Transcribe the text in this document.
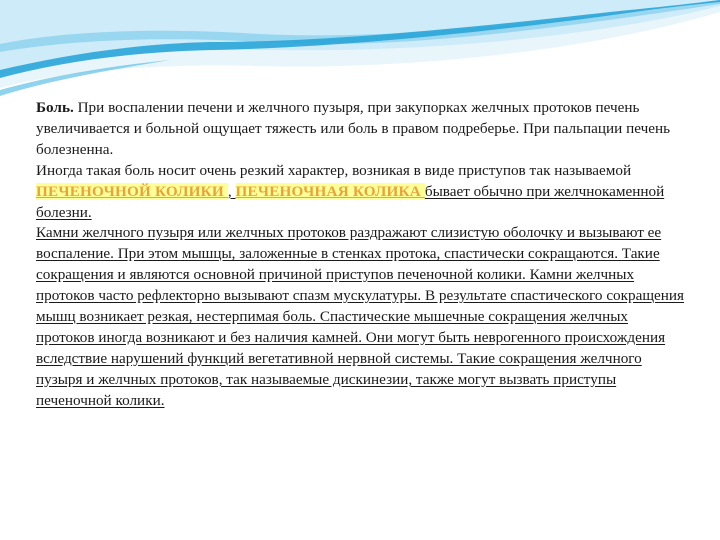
Боль. При воспалении печени и желчного пузыря, при закупорках желчных протоков печень увеличивается и больной ощущает тяжесть или боль в правом подреберье. При пальпации печень болезненна.

Иногда такая боль носит очень резкий характер, возникая в виде приступов так называемой ПЕЧЕНОЧНОЙ КОЛИКИ , ПЕЧЕНОЧНАЯ КОЛИКА бывает обычно при желчнокаменной болезни.

Камни желчного пузыря или желчных протоков раздражают слизистую оболочку и вызывают ее воспаление. При этом мышцы, заложенные в стенках протока, спастически сокращаются. Такие сокращения и являются основной причиной приступов печеночной колики. Камни желчных протоков часто рефлекторно вызывают спазм мускулатуры. В результате спастического сокращения мышц возникает резкая, нестерпимая боль. Спастические мышечные сокращения желчных протоков иногда возникают и без наличия камней. Они могут быть неврогенного происхождения вследствие нарушений функций вегетативной нервной системы. Такие сокращения желчного пузыря и желчных протоков, так называемые дискинезии, также могут вызвать приступы печеночной колики.
